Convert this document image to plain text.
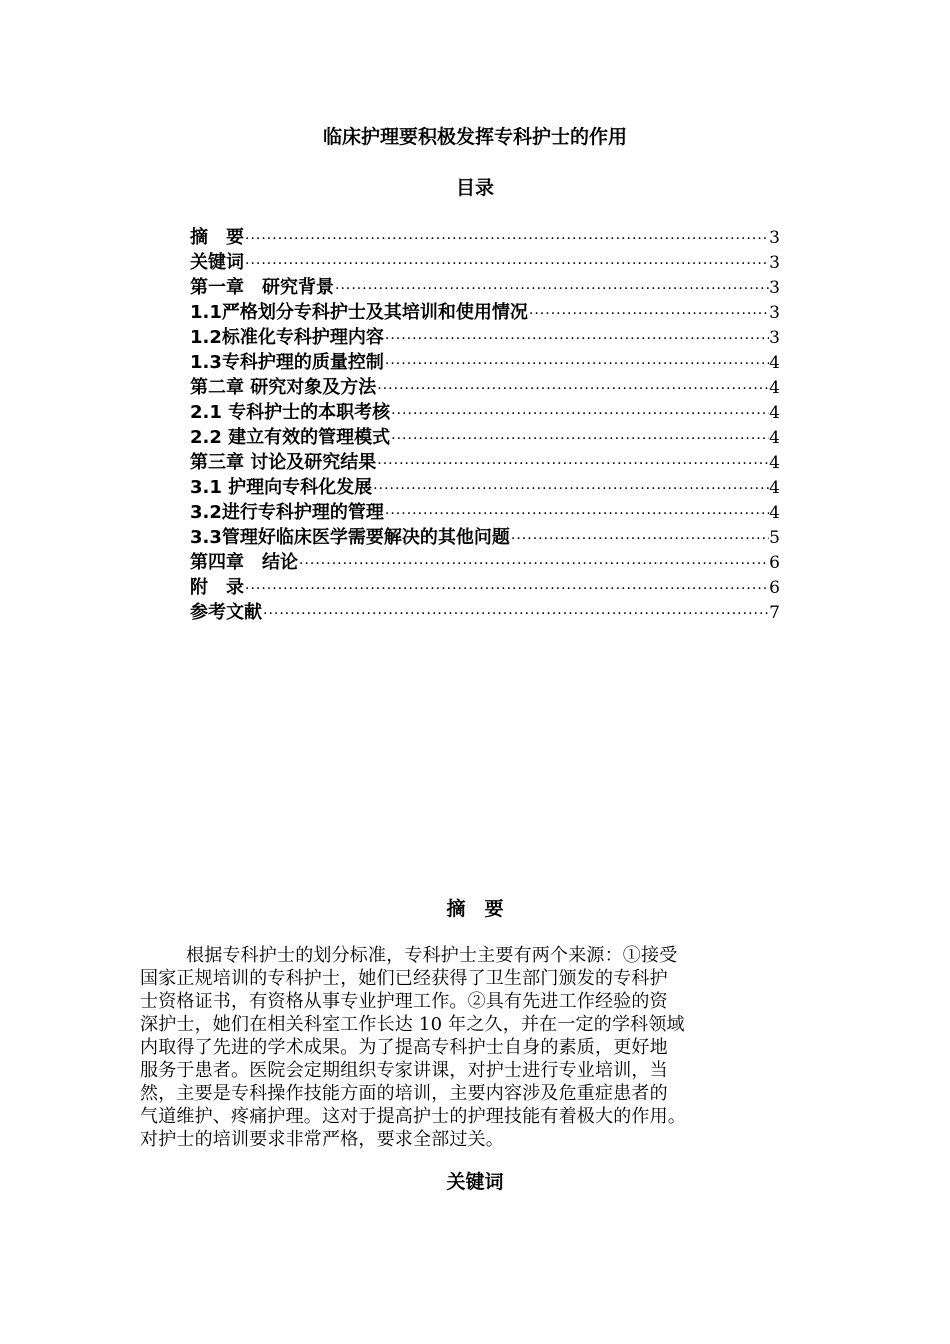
临床护理要积极发挥专科护士的作用
目录
摘　要 ·····	3
关键词 ·····	3
第一章　研究背景 ·····	3
1.1严格划分专科护士及其培训和使用情况 ·····	3
1.2标准化专科护理内容 ·····	3
1.3专科护理的质量控制 ·····	4
第二章 研究对象及方法 ·····	4
2.1 专科护士的本职考核 ·····	4
2.2 建立有效的管理模式 ·····	4
第三章 讨论及研究结果 ·····	4
3.1 护理向专科化发展 ·····	4
3.2进行专科护理的管理 ·····	4
3.3管理好临床医学需要解决的其他问题 ·····	5
第四章　结论 ·····	6
附　录 ·····	6
参考文献 ·····	7
摘　要
根据专科护士的划分标准，专科护士主要有两个来源：①接受
国家正规培训的专科护士，她们已经获得了卫生部门颁发的专科护
士资格证书，有资格从事专业护理工作。②具有先进工作经验的资
深护士，她们在相关科室工作长达 10 年之久，并在一定的学科领域
内取得了先进的学术成果。为了提高专科护士自身的素质，更好地
服务于患者。医院会定期组织专家讲课，对护士进行专业培训，当
然，主要是专科操作技能方面的培训，主要内容涉及危重症患者的
气道维护、疼痛护理。这对于提高护士的护理技能有着极大的作用。
对护士的培训要求非常严格，要求全部过关。
关键词
